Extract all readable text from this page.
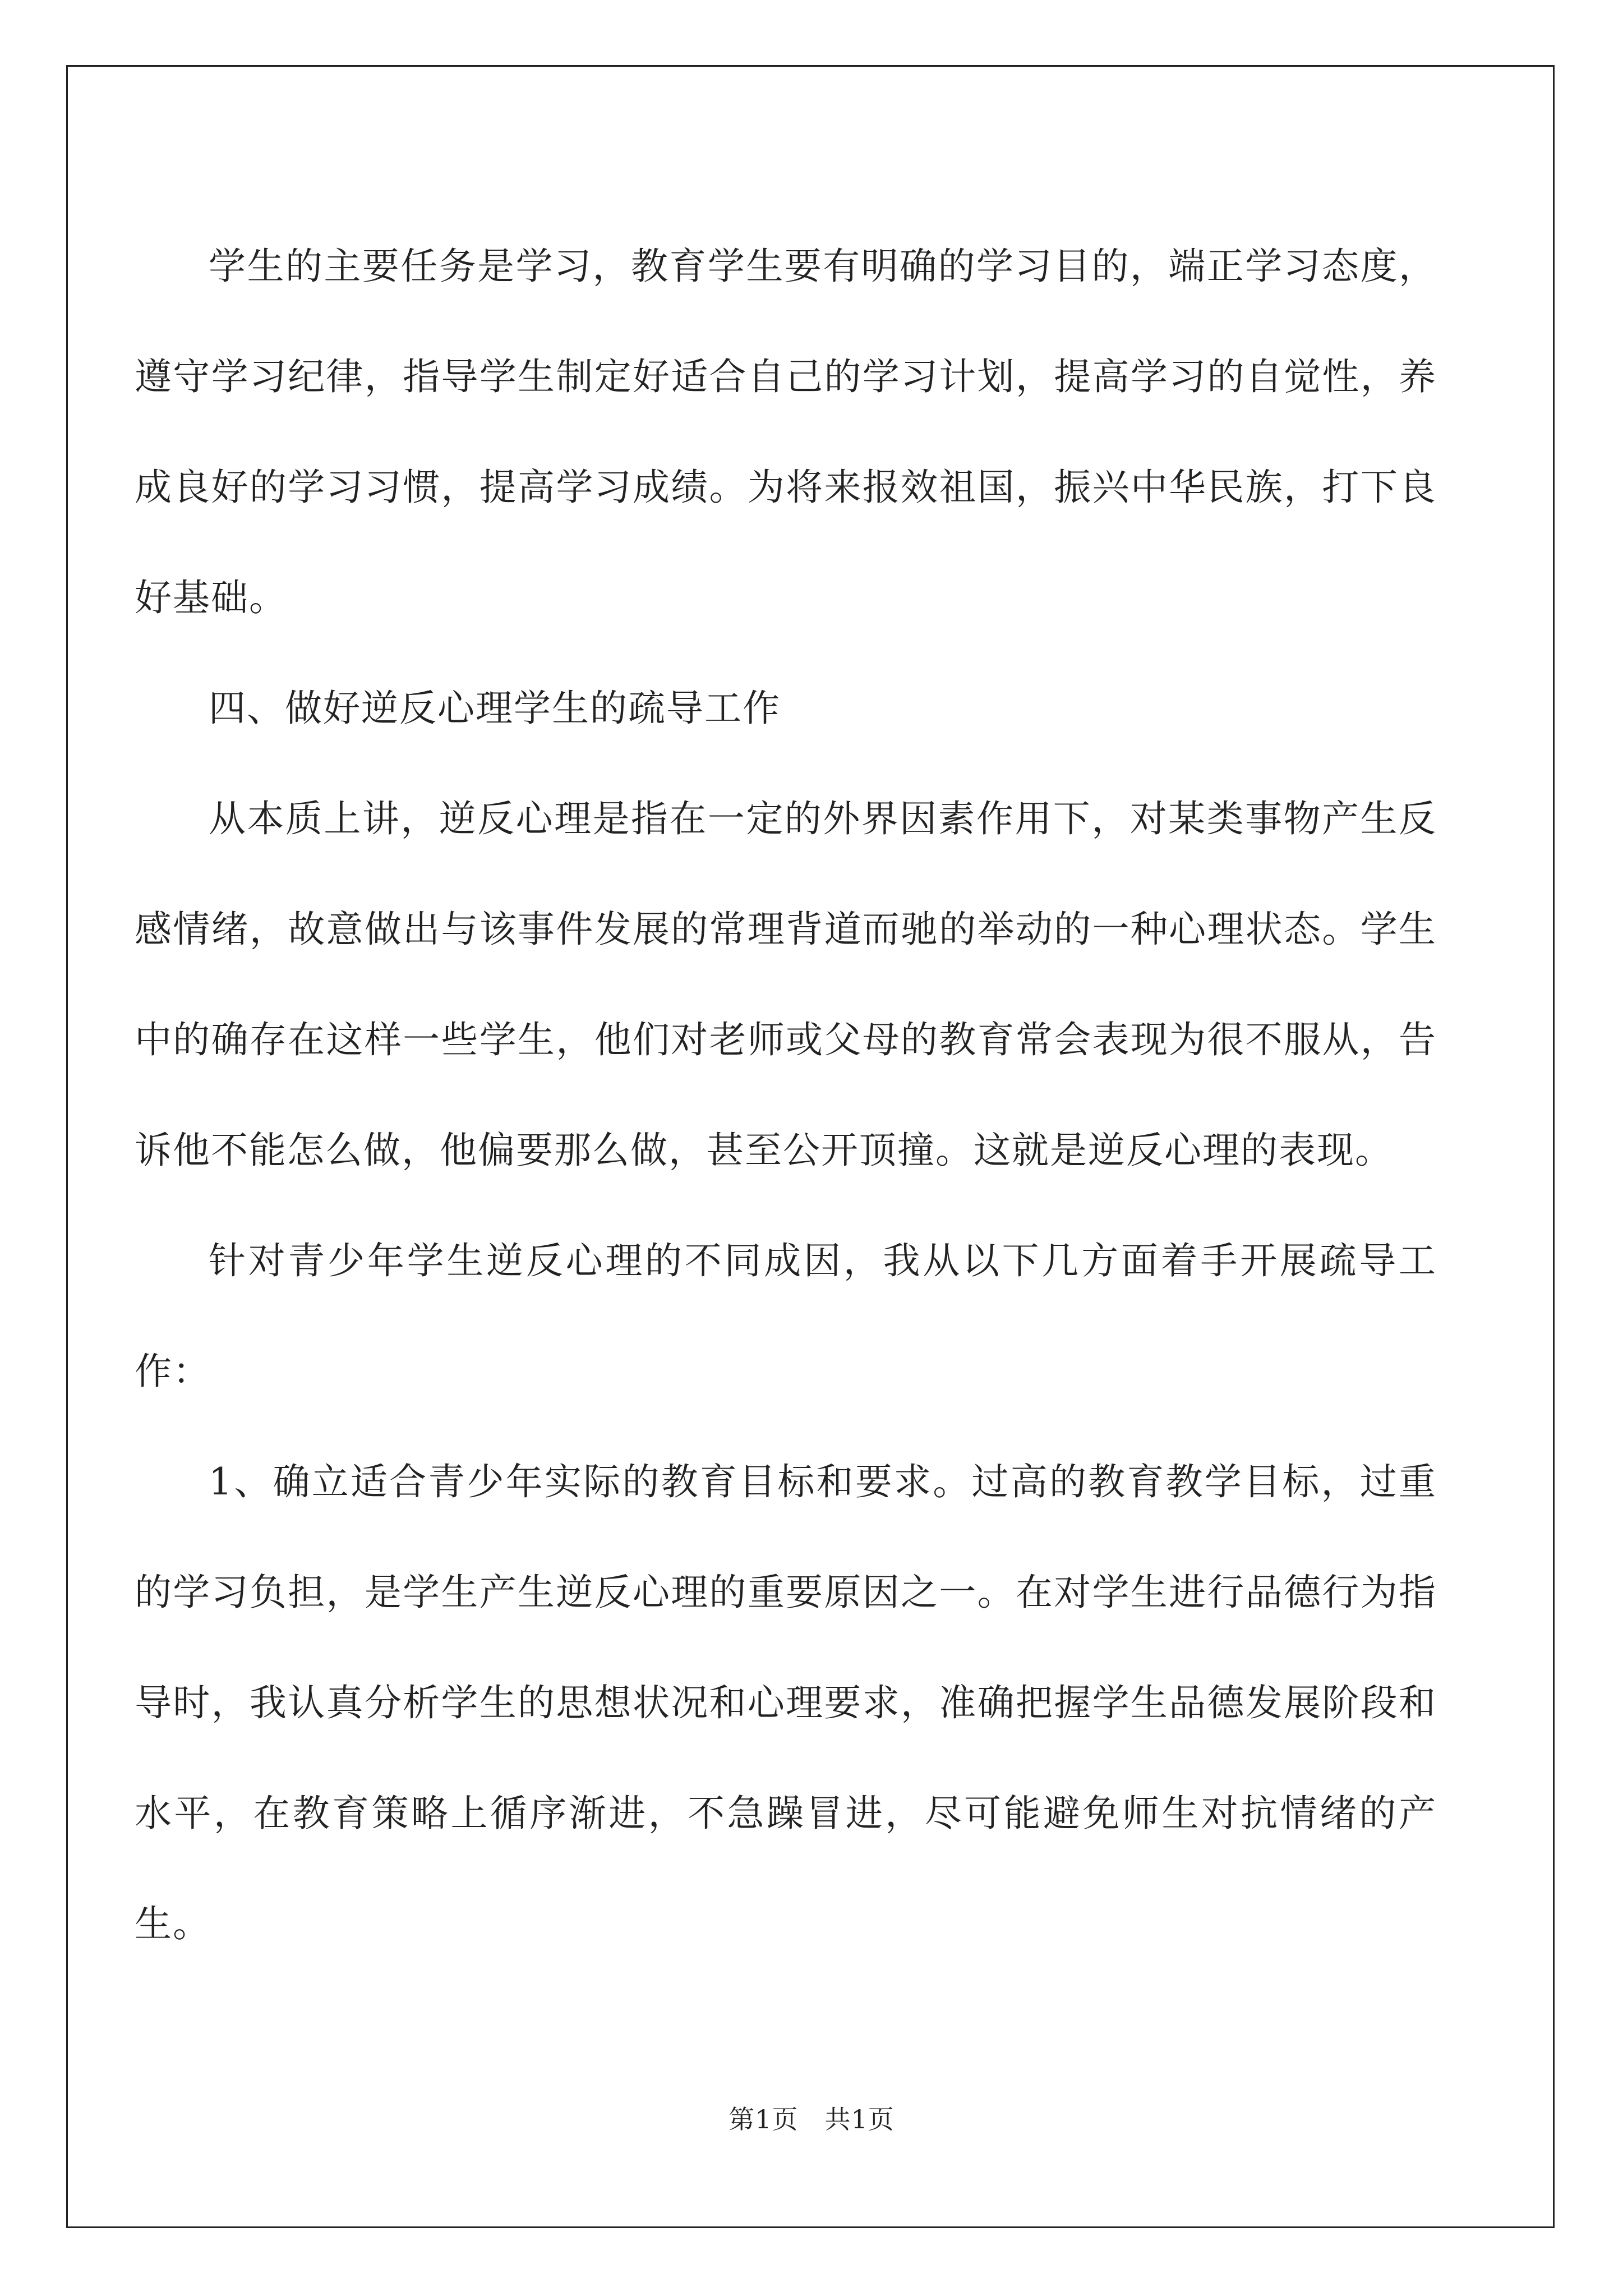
学生的主要任务是学习，教育学生要有明确的学习目的，端正学习态度，遵守学习纪律，指导学生制定好适合自己的学习计划，提高学习的自觉性，养成良好的学习习惯，提高学习成绩。为将来报效祖国，振兴中华民族，打下良好基础。

四、做好逆反心理学生的疏导工作

从本质上讲，逆反心理是指在一定的外界因素作用下，对某类事物产生反感情绪，故意做出与该事件发展的常理背道而驰的举动的一种心理状态。学生中的确存在这样一些学生，他们对老师或父母的教育常会表现为很不服从，告诉他不能怎么做，他偏要那么做，甚至公开顶撞。这就是逆反心理的表现。

针对青少年学生逆反心理的不同成因，我从以下几方面着手开展疏导工作：

1、确立适合青少年实际的教育目标和要求。过高的教育教学目标，过重的学习负担，是学生产生逆反心理的重要原因之一。在对学生进行品德行为指导时，我认真分析学生的思想状况和心理要求，准确把握学生品德发展阶段和水平，在教育策略上循序渐进，不急躁冒进，尽可能避免师生对抗情绪的产生。

第1页　共1页
